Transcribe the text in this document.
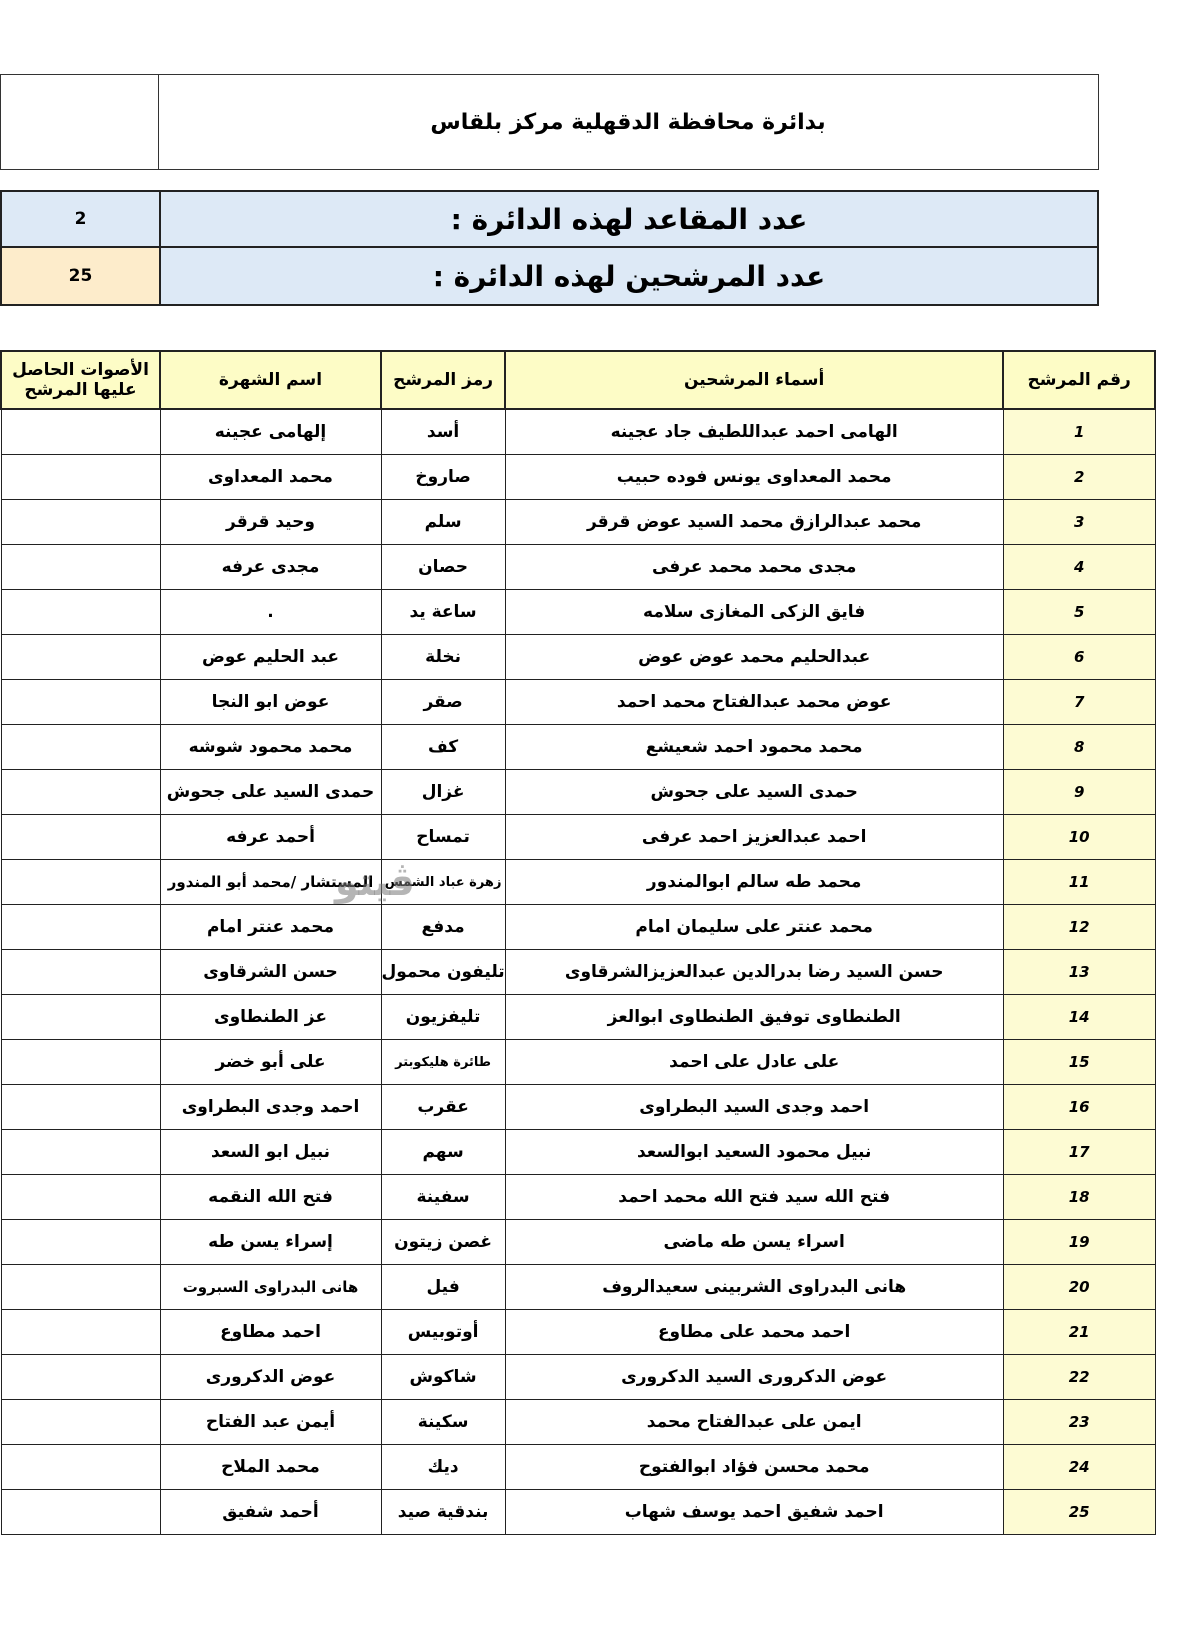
بدائرة محافظة الدقهلية مركز بلقاس
2	عدد المقاعد لهذه الدائرة :
25	عدد المرشحين لهذه الدائرة :
الأصوات الحاصل عليها المرشح	اسم الشهرة	رمز المرشح	أسماء المرشحين	رقم المرشح	
	إلهامى عجينه	أسد	الهامى احمد عبداللطيف جاد عجينه	1	
	محمد المعداوى	صاروخ	محمد المعداوى يونس فوده حبيب	2	
	وحيد قرقر	سلم	محمد عبدالرازق محمد السيد عوض قرقر	3	
	مجدى عرفه	حصان	مجدى محمد محمد عرفى	4	
	.	ساعة يد	فايق الزكى المغازى سلامه	5	
	عبد الحليم عوض	نخلة	عبدالحليم محمد عوض عوض	6	
	عوض ابو النجا	صقر	عوض محمد عبدالفتاح محمد احمد	7	
	محمد محمود شوشه	كف	محمد محمود احمد شعيشع	8	
	حمدى السيد على جحوش	غزال	حمدى السيد على جحوش	9	
	أحمد عرفه	تمساح	احمد عبدالعزيز احمد عرفى	10	
	المستشار /محمد أبو المندور	زهرة عباد الشمس	محمد طه سالم ابوالمندور	11	
	محمد عنتر امام	مدفع	محمد عنتر على سليمان امام	12	
	حسن الشرقاوى	تليفون محمول	حسن السيد رضا بدرالدين عبدالعزيزالشرقاوى	13	
	عز الطنطاوى	تليفزيون	الطنطاوى توفيق الطنطاوى ابوالعز	14	
	على أبو خضر	طائرة هليكوبتر	على عادل على احمد	15	
	احمد وجدى البطراوى	عقرب	احمد وجدى السيد البطراوى	16	
	نبيل ابو السعد	سهم	نبيل محمود السعيد ابوالسعد	17	
	فتح الله النقمه	سفينة	فتح الله سيد فتح الله محمد احمد	18	
	إسراء يسن طه	غصن زيتون	اسراء يسن طه ماضى	19	
	هانى البدراوى السبروت	فيل	هانى البدراوى الشربينى سعيدالروف	20	
	احمد مطاوع	أوتوبيس	احمد محمد على مطاوع	21	
	عوض الدكرورى	شاكوش	عوض الدكرورى السيد الدكرورى	22	
	أيمن عبد الفتاح	سكينة	ايمن على عبدالفتاح محمد	23	
	محمد الملاح	ديك	محمد محسن فؤاد ابوالفتوح	24	
	أحمد شفيق	بندقية صيد	احمد شفيق احمد يوسف شهاب	25	
ڤيتو
